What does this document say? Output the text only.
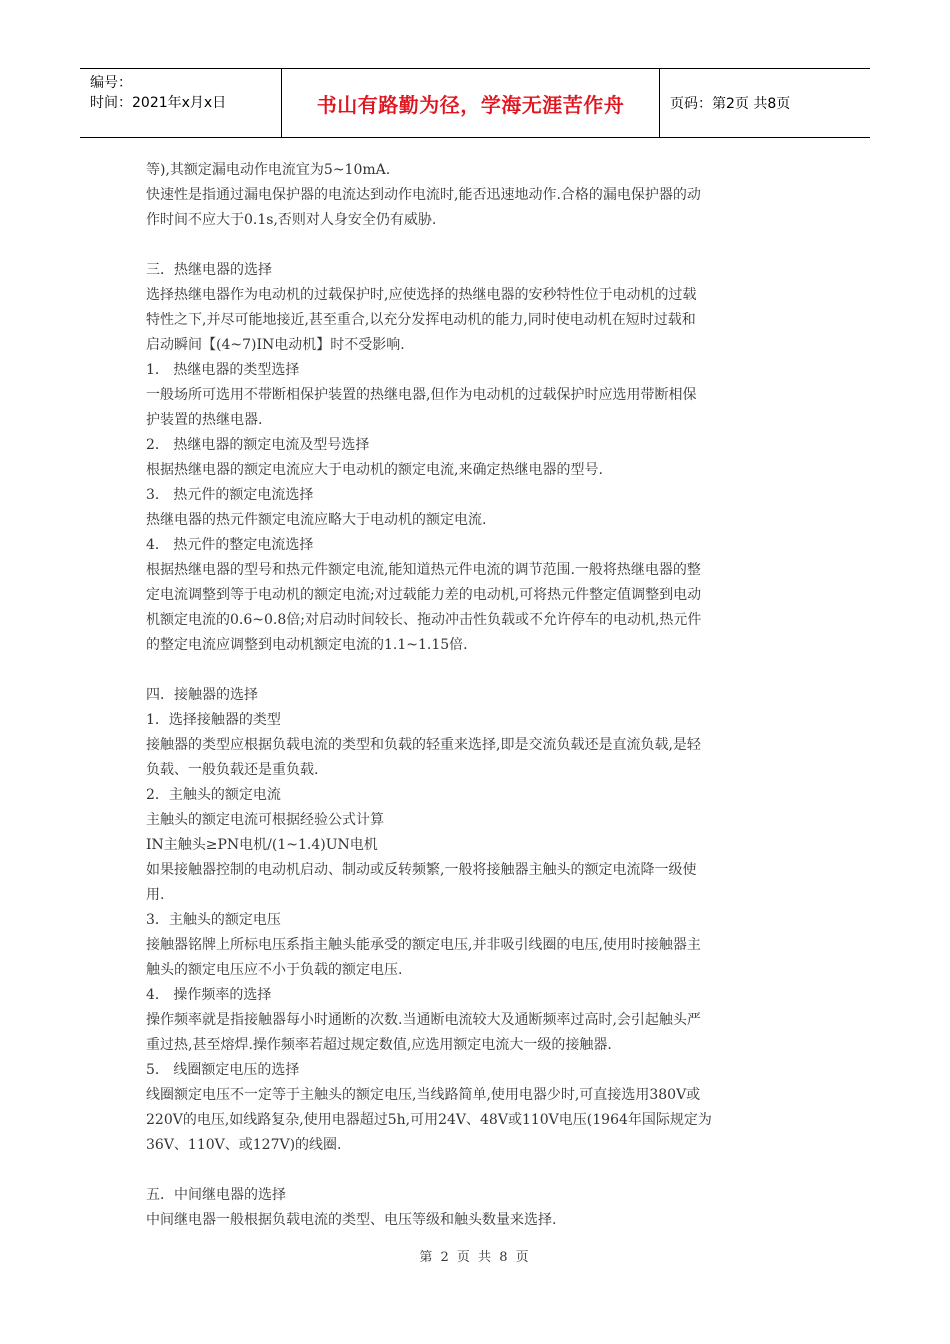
编号：
时间：2021年x月x日	书山有路勤为径，学海无涯苦作舟	页码：第2页 共8页

等),其额定漏电动作电流宜为5~10mA.

快速性是指通过漏电保护器的电流达到动作电流时,能否迅速地动作.合格的漏电保护器的动

作时间不应大于0.1s,否则对人身安全仍有威胁.

三．热继电器的选择

选择热继电器作为电动机的过载保护时,应使选择的热继电器的安秒特性位于电动机的过载

特性之下,并尽可能地接近,甚至重合,以充分发挥电动机的能力,同时使电动机在短时过载和

启动瞬间【(4~7)IN电动机】时不受影响.

1． 热继电器的类型选择

一般场所可选用不带断相保护装置的热继电器,但作为电动机的过载保护时应选用带断相保

护装置的热继电器.

2． 热继电器的额定电流及型号选择

根据热继电器的额定电流应大于电动机的额定电流,来确定热继电器的型号.

3． 热元件的额定电流选择

热继电器的热元件额定电流应略大于电动机的额定电流.

4． 热元件的整定电流选择

根据热继电器的型号和热元件额定电流,能知道热元件电流的调节范围.一般将热继电器的整

定电流调整到等于电动机的额定电流;对过载能力差的电动机,可将热元件整定值调整到电动

机额定电流的0.6~0.8倍;对启动时间较长、拖动冲击性负载或不允许停车的电动机,热元件

的整定电流应调整到电动机额定电流的1.1~1.15倍.

四．接触器的选择

1．选择接触器的类型

接触器的类型应根据负载电流的类型和负载的轻重来选择,即是交流负载还是直流负载,是轻

负载、一般负载还是重负载.

2．主触头的额定电流

主触头的额定电流可根据经验公式计算

IN主触头≥PN电机/(1~1.4)UN电机

如果接触器控制的电动机启动、制动或反转频繁,一般将接触器主触头的额定电流降一级使

用.

3．主触头的额定电压

接触器铭牌上所标电压系指主触头能承受的额定电压,并非吸引线圈的电压,使用时接触器主

触头的额定电压应不小于负载的额定电压.

4． 操作频率的选择

操作频率就是指接触器每小时通断的次数.当通断电流较大及通断频率过高时,会引起触头严

重过热,甚至熔焊.操作频率若超过规定数值,应选用额定电流大一级的接触器.

5． 线圈额定电压的选择

线圈额定电压不一定等于主触头的额定电压,当线路简单,使用电器少时,可直接选用380V或

220V的电压,如线路复杂,使用电器超过5h,可用24V、48V或110V电压(1964年国际规定为

36V、110V、或127V)的线圈.

五．中间继电器的选择

中间继电器一般根据负载电流的类型、电压等级和触头数量来选择.

第 2 页 共 8 页
